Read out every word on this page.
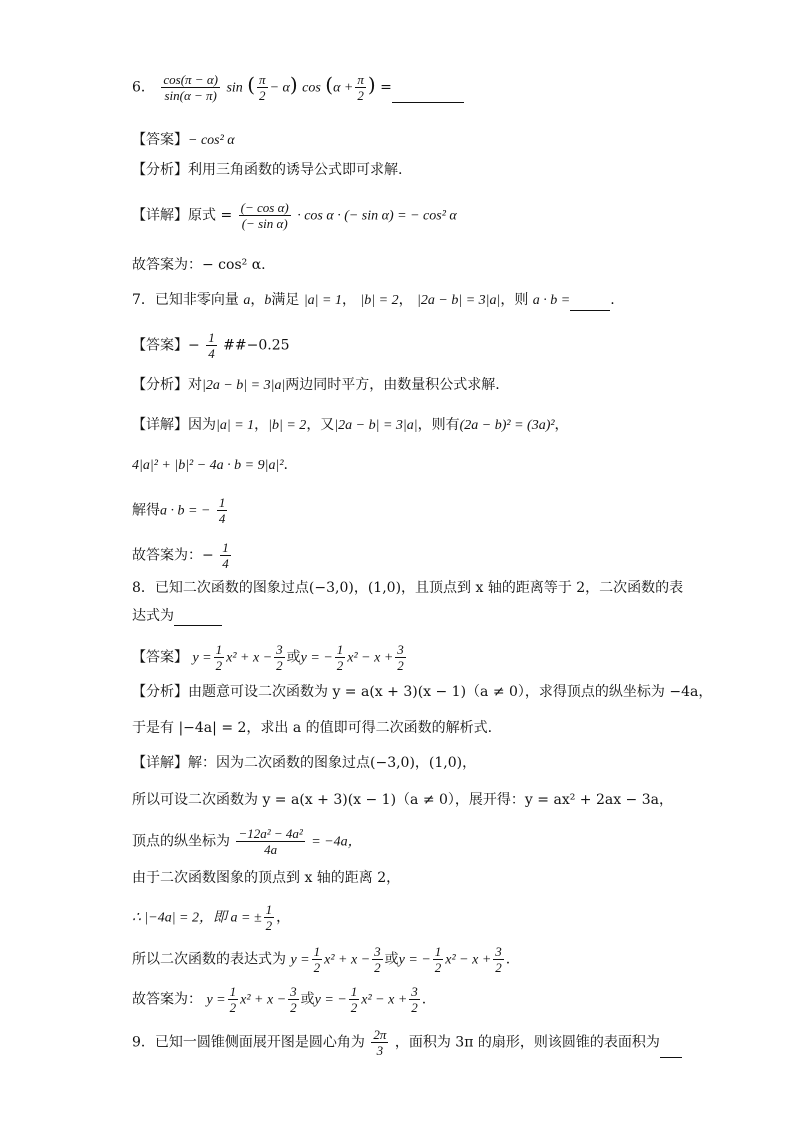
6． $\frac{\cos(\pi - \alpha)}{\sin(\alpha - \pi)}$ sin ( $\frac{\pi}{2} - \alpha$) $\cos (\alpha + \frac{\pi}{2}$ ) =
【答案】− cos² α
【分析】利用三角函数的诱导公式即可求解.
【详解】原式 = $\frac{\text{(− cos α)}}{\text{(− sin α)}} \cdot \cos \alpha$ · (− sin α) = − cos² α
故答案为：− cos² α.
7．已知非零向量 a，b满足 |a| = 1， |b| = 2， |2a − b| = 3|a|，则 a · b =	.
【答案】− $\frac{1}{4}$ ##−0.25
【分析】对|2a − b| = 3|a|两边同时平方，由数量积公式求解.
【详解】因为|a| = 1，|b| = 2，又|2a − b| = 3|a|，则有(2a − b)² = (3a)²，
4|a|² + |b|² − 4a · b = 9|a|².
解得a · b = − $\frac{1}{4}$
故答案为：− $\frac{1}{4}$
8．已知二次函数的图象过点(−3,0)，(1,0)，且顶点到 x 轴的距离等于 2，二次函数的表
达式为
【答案】 $y = \frac{1}{2} x^2 + x - \frac{3}{2}$ 或y = − $\frac{1}{2} x^2 - x + \frac{3}{2}$
【分析】由题意可设二次函数为 y = a(x + 3)(x − 1)（a ≠ 0），求得顶点的纵坐标为 −4a，
于是有 |−4a| = 2，求出 a 的值即可得二次函数的解析式.
【详解】解：因为二次函数的图象过点(−3,0)，(1,0)，
所以可设二次函数为 y = a(x + 3)(x − 1)（a ≠ 0），展开得：y = ax² + 2ax − 3a，
顶点的纵坐标为 $\frac{\text{−12a² − 4a²}}{4a} = -4a$，
由于二次函数图象的顶点到 x 轴的距离 2，
∴ |−4a| = 2，即 a = ± $\frac{1}{2}$ ，
所以二次函数的表达式为 $y = \frac{1}{2} x^2 + x - \frac{3}{2}$ 或y = − $\frac{1}{2} x^2 - x + \frac{3}{2}$ .
故答案为： $y = \frac{1}{2} x^2 + x - \frac{3}{2}$ 或y = − $\frac{1}{2} x^2 - x + \frac{3}{2}$ .
9．已知一圆锥侧面展开图是圆心角为 $\frac{2\pi}{3}$ ，面积为 3π 的扇形，则该圆锥的表面积为
